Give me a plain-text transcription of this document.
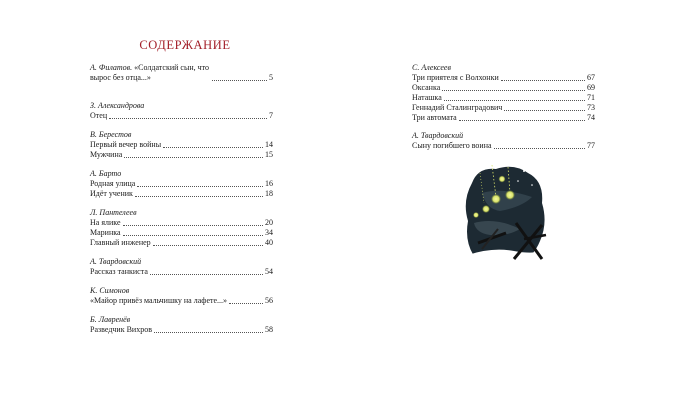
СОДЕРЖАНИЕ
А. Филатов. «Солдатский сын, что вырос без отца...»	5
З. Александрова
Отец	7
В. Берестов
Первый вечер войны	14
Мужчина	15
А. Барто
Родная улица	16
Идёт ученик	18
Л. Пантелеев
На ялике	20
Маринка	34
Главный инженер	40
А. Твардовский
Рассказ танкиста	54
К. Симонов
«Майор привёз мальчишку на лафете...»	56
Б. Лавренёв
Разведчик Вихров	58
С. Алексеев
Три приятеля с Волхонки	67
Оксанка	69
Наташка	71
Геннадий Сталинградович	73
Три автомата	74
А. Твардовский
Сыну погибшего воина	77
